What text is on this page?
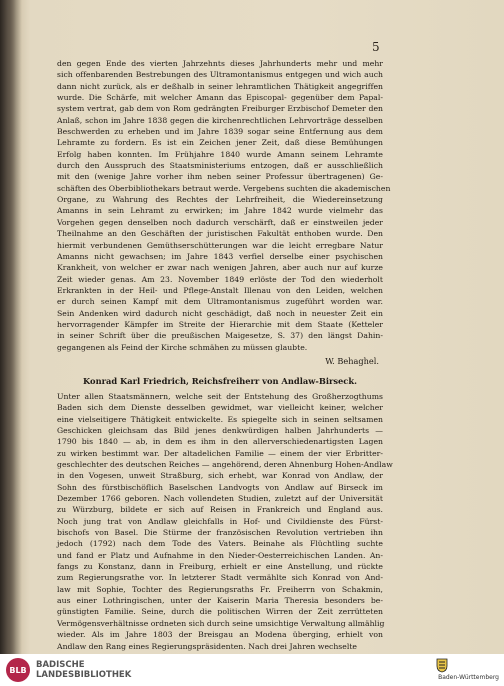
5
den gegen Ende des vierten Jahrzehnts dieses Jahrhunderts mehr und mehr
sich offenbarenden Bestrebungen des Ultramontanismus entgegen und wich auch
dann nicht zurück, als er deßhalb in seiner lehramtlichen Thätigkeit angegriffen
wurde. Die Schärfe, mit welcher Amann das Episcopal- gegenüber dem Papal-
system vertrat, gab dem von Rom gedrängten Freiburger Erzbischof Demeter den
Anlaß, schon im Jahre 1838 gegen die kirchenrechtlichen Lehrvorträge desselben
Beschwerden zu erheben und im Jahre 1839 sogar seine Entfernung aus dem
Lehramte zu fordern. Es ist ein Zeichen jener Zeit, daß diese Bemühungen
Erfolg haben konnten. Im Frühjahre 1840 wurde Amann seinem Lehramte
durch den Ausspruch des Staatsministeriums entzogen, daß er ausschließlich
mit den (wenige Jahre vorher ihm neben seiner Professur übertragenen) Ge-
schäften des Oberbibliothekars betraut werde. Vergebens suchten die akademischen
Organe, zu Wahrung des Rechtes der Lehrfreiheit, die Wiedereinsetzung
Amanns in sein Lehramt zu erwirken; im Jahre 1842 wurde vielmehr das
Vorgehen gegen denselben noch dadurch verschärft, daß er einstweilen jeder
Theilnahme an den Geschäften der juristischen Fakultät enthoben wurde. Den
hiermit verbundenen Gemüthserschütterungen war die leicht erregbare Natur
Amanns nicht gewachsen; im Jahre 1843 verfiel derselbe einer psychischen
Krankheit, von welcher er zwar nach wenigen Jahren, aber auch nur auf kurze
Zeit wieder genas. Am 23. November 1849 erlöste der Tod den wiederholt
Erkrankten in der Heil- und Pflege-Anstalt Illenau von den Leiden, welchen
er durch seinen Kampf mit dem Ultramontanismus zugeführt worden war.
Sein Andenken wird dadurch nicht geschädigt, daß noch in neuester Zeit ein
hervorragender Kämpfer im Streite der Hierarchie mit dem Staate (Ketteler
in seiner Schrift über die preußischen Maigesetze, S. 37) den längst Dahin-
gegangenen als Feind der Kirche schmähen zu müssen glaubte.
W. Behaghel.
Konrad Karl Friedrich, Reichsfreiherr von Andlaw-Birseck.
Unter allen Staatsmännern, welche seit der Entstehung des Großherzogthums
Baden sich dem Dienste desselben gewidmet, war vielleicht keiner, welcher
eine vielseitigere Thätigkeit entwickelte. Es spiegelte sich in seinen seltsamen
Geschicken gleichsam das Bild jenes denkwürdigen halben Jahrhunderts —
1790 bis 1840 — ab, in dem es ihm in den allerverschiedenartigsten Lagen
zu wirken bestimmt war. Der altadelichen Familie — einem der vier Erbritter-
geschlechter des deutschen Reiches — angehörend, deren Ahnenburg Hohen-Andlaw
in den Vogesen, unweit Straßburg, sich erhebt, war Konrad von Andlaw, der
Sohn des fürstbischöflich Baselschen Landvogts von Andlaw auf Birseck im
Dezember 1766 geboren. Nach vollendeten Studien, zuletzt auf der Universität
zu Würzburg, bildete er sich auf Reisen in Frankreich und England aus.
Noch jung trat von Andlaw gleichfalls in Hof- und Civildienste des Fürst-
bischofs von Basel. Die Stürme der französischen Revolution vertrieben ihn
jedoch (1792) nach dem Tode des Vaters. Beinahe als Flüchtling suchte
und fand er Platz und Aufnahme in den Nieder-Oesterreichischen Landen. An-
fangs zu Konstanz, dann in Freiburg, erhielt er eine Anstellung, und rückte
zum Regierungsrathe vor. In letzterer Stadt vermählte sich Konrad von And-
law mit Sophie, Tochter des Regierungsraths Fr. Freiherrn von Schakmin,
aus einer Lothringischen, unter der Kaiserin Maria Theresia besonders be-
günstigten Familie. Seine, durch die politischen Wirren der Zeit zerrütteten
Vermögensverhältnisse ordneten sich durch seine umsichtige Verwaltung allmählig
wieder. Als im Jahre 1803 der Breisgau an Modena überging, erhielt von
Andlaw den Rang eines Regierungspräsidenten. Nach drei Jahren wechselte
BLB	BADISCHE
LANDESBIBLIOTHEK	Baden-Württemberg
